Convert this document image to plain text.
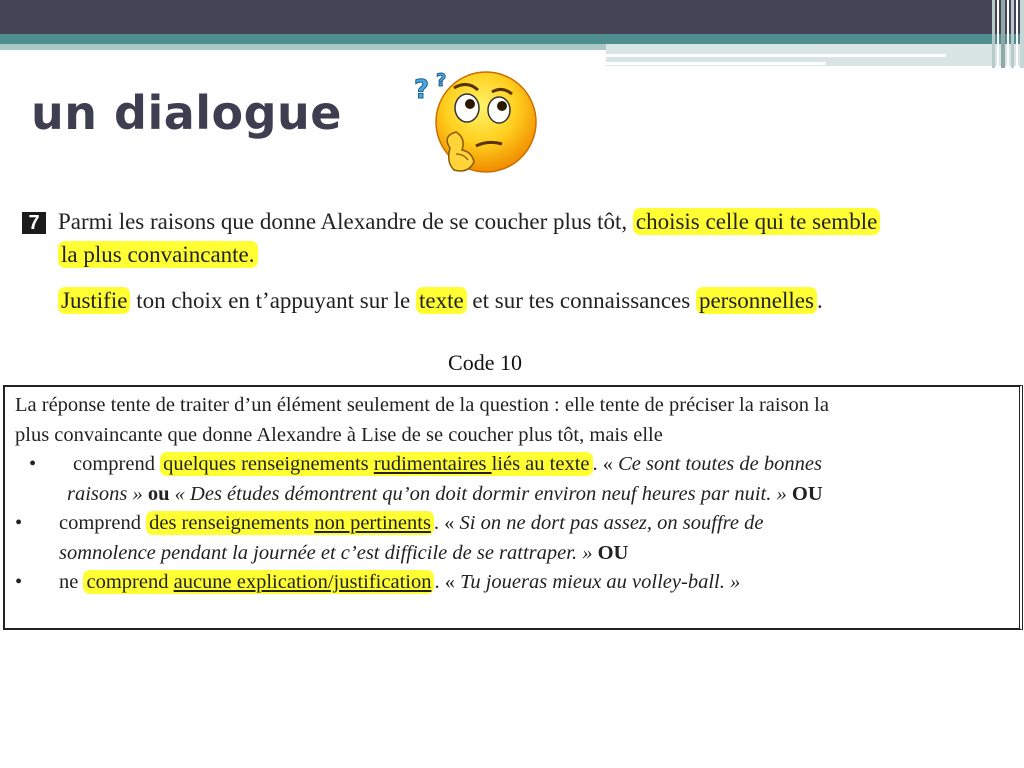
un dialogue	? ?
7 Parmi les raisons que donne Alexandre de se coucher plus tôt, choisis celle qui te semble
la plus convaincante.
Justifie ton choix en t’appuyant sur le texte et sur tes connaissances personnelles .
Code 10
La réponse tente de traiter d’un élément seulement de la question : elle tente de préciser la raison la
plus convaincante que donne Alexandre à Lise de se coucher plus tôt, mais elle
• comprend quelques renseignements rudimentaires liés au texte . « Ce sont toutes de bonnes
raisons » ou « Des études démontrent qu’on doit dormir environ neuf heures par nuit. » OU
• comprend des renseignements non pertinents . « Si on ne dort pas assez, on souffre de
somnolence pendant la journée et c’est difficile de se rattraper. » OU
• ne comprend aucune explication/justification . « Tu joueras mieux au volley-ball. »
